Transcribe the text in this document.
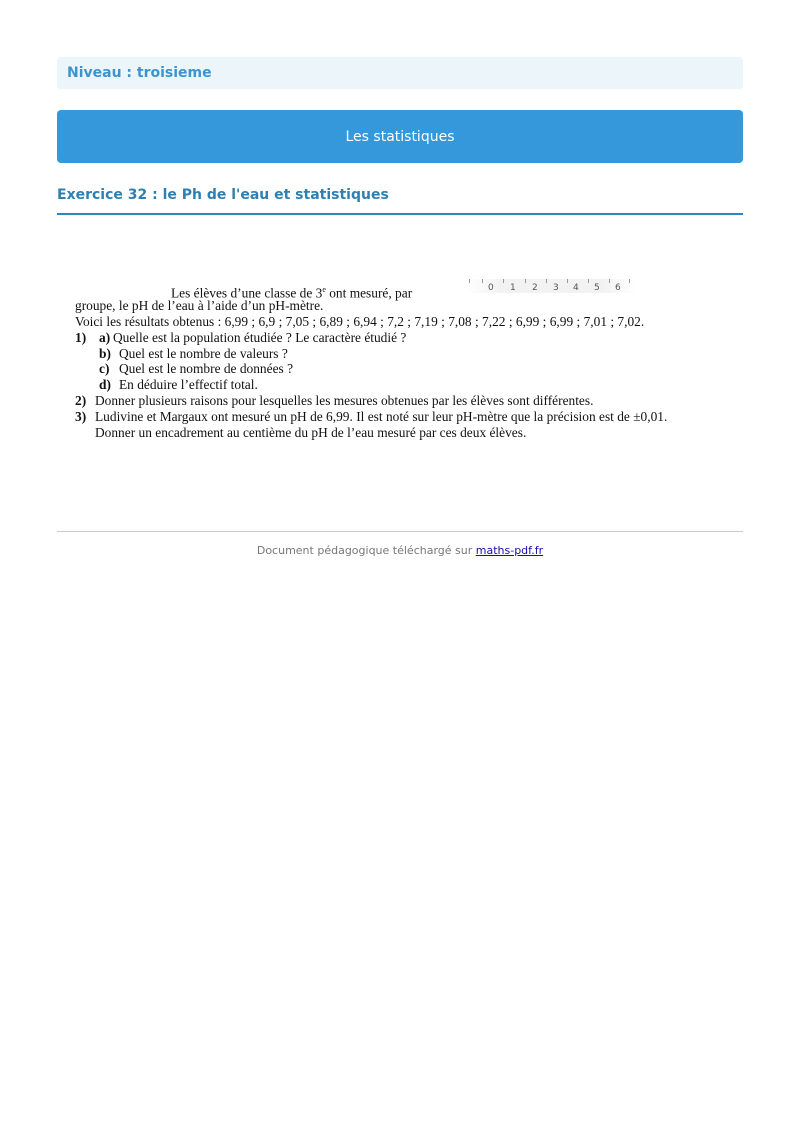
Niveau : troisieme
Les statistiques
Exercice 32 : le Ph de l'eau et statistiques
Les élèves d’une classe de 3e ont mesuré, par	0 1 2 3 4 5 6
groupe, le pH de l’eau à l’aide d’un pH-mètre.
Voici les résultats obtenus : 6,99 ; 6,9 ; 7,05 ; 6,89 ; 6,94 ; 7,2 ; 7,19 ; 7,08 ; 7,22 ; 6,99 ; 6,99 ; 7,01 ; 7,02.
1) a) Quelle est la population étudiée ? Le caractère étudié ?
b) Quel est le nombre de valeurs ?
c) Quel est le nombre de données ?
d) En déduire l’effectif total.
2) Donner plusieurs raisons pour lesquelles les mesures obtenues par les élèves sont différentes.
3) Ludivine et Margaux ont mesuré un pH de 6,99. Il est noté sur leur pH-mètre que la précision est de ±0,01.
Donner un encadrement au centième du pH de l’eau mesuré par ces deux élèves.
Document pédagogique téléchargé sur maths-pdf.fr
